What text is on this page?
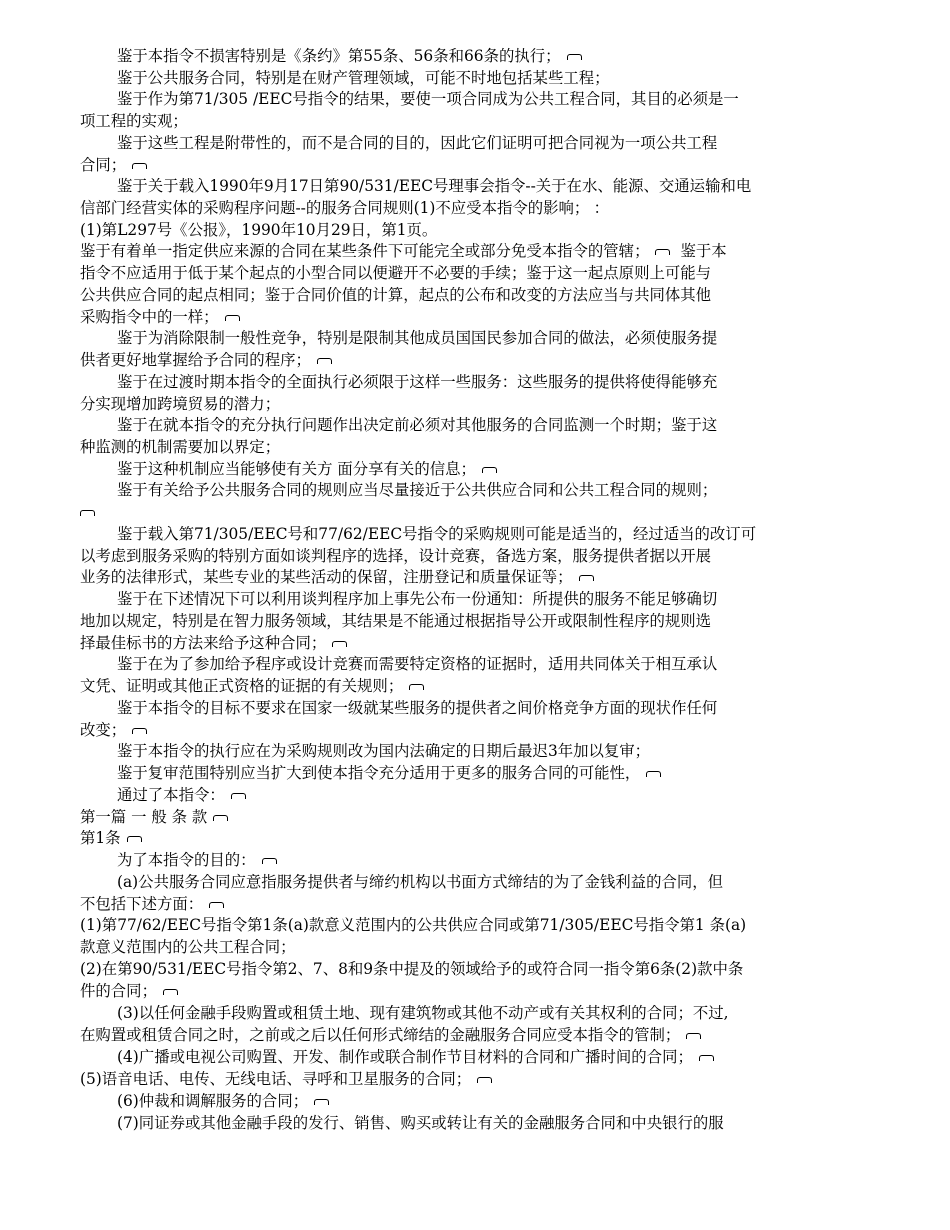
鉴于本指令不损害特别是《条约》第55条、56条和66条的执行；
鉴于公共服务合同，特别是在财产管理领域，可能不时地包括某些工程；
鉴于作为第71/305 /EEC号指令的结果，要使一项合同成为公共工程合同，其目的必须是一
项工程的实观；
鉴于这些工程是附带性的，而不是合同的目的，因此它们证明可把合同视为一项公共工程
合同；
鉴于关于载入1990年9月17日第90/531/EEC号理事会指令--关于在水、能源、交通运输和电
信部门经营实体的采购程序问题--的服务合同规则(1)不应受本指令的影响； ：
(1)第L297号《公报》，1990年10月29日，第1页。
鉴于有着单一指定供应来源的合同在某些条件下可能完全或部分免受本指令的管辖； 鉴于本
指令不应适用于低于某个起点的小型合同以便避开不必要的手续；鉴于这一起点原则上可能与
公共供应合同的起点相同；鉴于合同价值的计算，起点的公布和改变的方法应当与共同体其他
采购指令中的一样；
鉴于为消除限制一般性竞争，特别是限制其他成员国国民参加合同的做法，必须使服务提
供者更好地掌握给予合同的程序；
鉴于在过渡时期本指令的全面执行必须限于这样一些服务：这些服务的提供将使得能够充
分实现增加跨境贸易的潜力；
鉴于在就本指令的充分执行问题作出决定前必须对其他服务的合同监测一个时期；鉴于这
种监测的机制需要加以界定；
鉴于这种机制应当能够使有关方 面分享有关的信息；
鉴于有关给予公共服务合同的规则应当尽量接近于公共供应合同和公共工程合同的规则；
鉴于载入第71/305/EEC号和77/62/EEC号指令的采购规则可能是适当的，经过适当的改订可
以考虑到服务采购的特别方面如谈判程序的选择，设计竞赛，备选方案，服务提供者据以开展
业务的法律形式，某些专业的某些活动的保留，注册登记和质量保证等；
鉴于在下述情况下可以利用谈判程序加上事先公布一份通知：所提供的服务不能足够确切
地加以规定，特别是在智力服务领域，其结果是不能通过根据指导公开或限制性程序的规则选
择最佳标书的方法来给予这种合同；
鉴于在为了参加给予程序或设计竞赛而需要特定资格的证据时，适用共同体关于相互承认
文凭、证明或其他正式资格的证据的有关规则；
鉴于本指令的目标不要求在国家一级就某些服务的提供者之间价格竞争方面的现状作任何
改变；
鉴于本指令的执行应在为采购规则改为国内法确定的日期后最迟3年加以复审；
鉴于复审范围特别应当扩大到使本指令充分适用于更多的服务合同的可能性，
通过了本指令：
第一篇 一 般 条 款
第1条
为了本指令的目的：
(a)公共服务合同应意指服务提供者与缔约机构以书面方式缔结的为了金钱利益的合同，但
不包括下述方面：
(1)第77/62/EEC号指令第1条(a)款意义范围内的公共供应合同或第71/305/EEC号指令第1 条(a)
款意义范围内的公共工程合同；
(2)在第90/531/EEC号指令第2、7、8和9条中提及的领域给予的或符合同一指令第6条(2)款中条
件的合同；
(3)以任何金融手段购置或租赁土地、现有建筑物或其他不动产或有关其权利的合同；不过,
在购置或租赁合同之时，之前或之后以任何形式缔结的金融服务合同应受本指令的管制；
(4)广播或电视公司购置、开发、制作或联合制作节目材料的合同和广播时间的合同；
(5)语音电话、电传、无线电话、寻呼和卫星服务的合同；
(6)仲裁和调解服务的合同；
(7)同证券或其他金融手段的发行、销售、购买或转让有关的金融服务合同和中央银行的服
